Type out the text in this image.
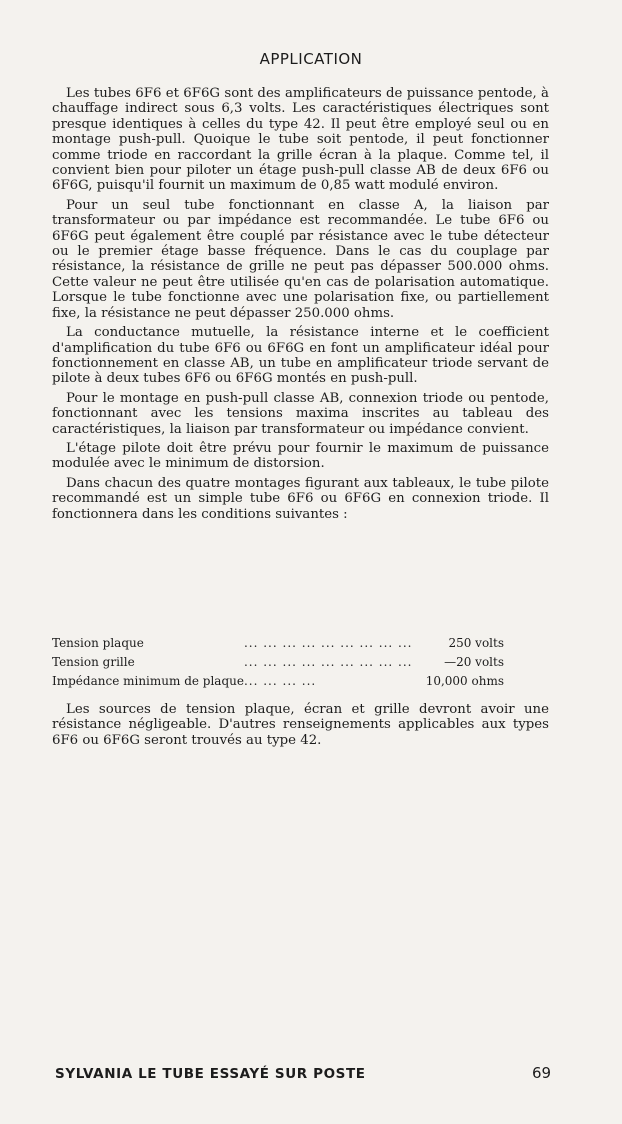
APPLICATION

Les tubes 6F6 et 6F6G sont des amplificateurs de puissance pentode, à chauffage indirect sous 6,3 volts. Les caractéristiques électriques sont presque identiques à celles du type 42. Il peut être employé seul ou en montage push-pull. Quoique le tube soit pentode, il peut fonctionner comme triode en raccordant la grille écran à la plaque. Comme tel, il convient bien pour piloter un étage push-pull classe AB de deux 6F6 ou 6F6G, puisqu'il fournit un maximum de 0,85 watt modulé environ.

Pour un seul tube fonctionnant en classe A, la liaison par transformateur ou par impédance est recommandée. Le tube 6F6 ou 6F6G peut également être couplé par résistance avec le tube détecteur ou le premier étage basse fréquence. Dans le cas du couplage par résistance, la résistance de grille ne peut pas dépasser 500.000 ohms. Cette valeur ne peut être utilisée qu'en cas de polarisation automatique. Lorsque le tube fonctionne avec une polarisation fixe, ou partiellement fixe, la résistance ne peut dépasser 250.000 ohms.

La conductance mutuelle, la résistance interne et le coefficient d'amplification du tube 6F6 ou 6F6G en font un amplificateur idéal pour fonctionnement en classe AB, un tube en amplificateur triode servant de pilote à deux tubes 6F6 ou 6F6G montés en push-pull.

Pour le montage en push-pull classe AB, connexion triode ou pentode, fonctionnant avec les tensions maxima inscrites au tableau des caractéristiques, la liaison par transformateur ou impédance convient.

L'étage pilote doit être prévu pour fournir le maximum de puissance modulée avec le minimum de distorsion.

Dans chacun des quatre montages figurant aux tableaux, le tube pilote recommandé est un simple tube 6F6 ou 6F6G en connexion triode. Il fonctionnera dans les conditions suivantes :

Tension plaque	... ... ... ... ... ... ... ... ...	250 volts
Tension grille	... ... ... ... ... ... ... ... ...	—20 volts
Impédance minimum de plaque	... ... ... ...	10,000 ohms

Les sources de tension plaque, écran et grille devront avoir une résistance négligeable. D'autres renseignements applicables aux types 6F6 ou 6F6G seront trouvés au type 42.

SYLVANIA LE TUBE ESSAYÉ SUR POSTE	69
